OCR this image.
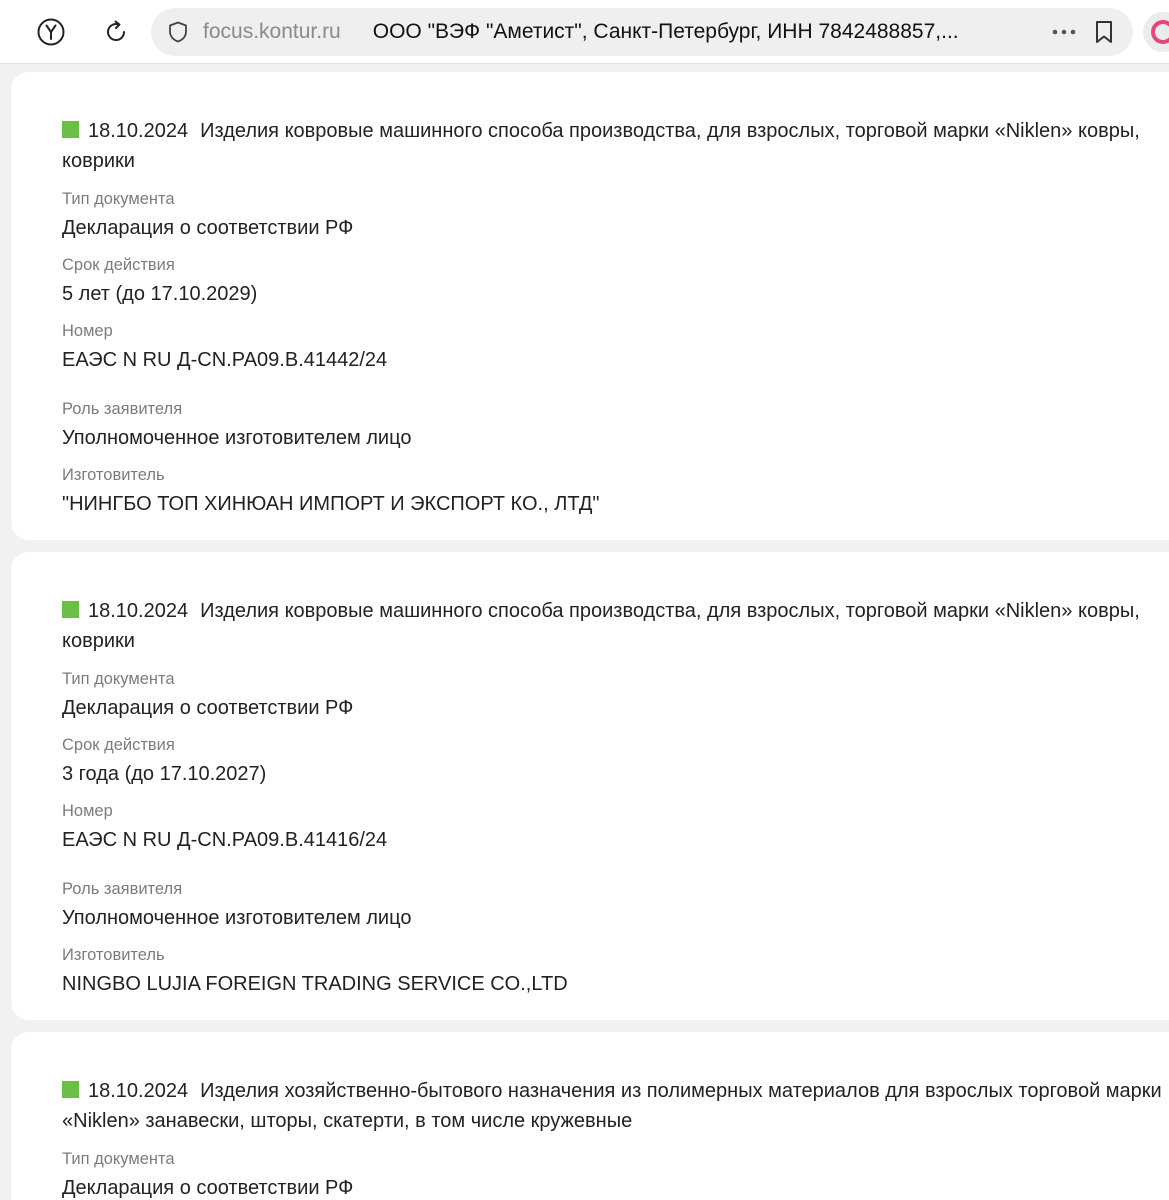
focus.kontur.ru ООО "ВЭФ "Аметист", Санкт-Петербург, ИНН 7842488857,...
18.10.2024 Изделия ковровые машинного способа производства, для взрослых, торговой марки «Niklen» ковры, коврики
Тип документа
Декларация о соответствии РФ
Срок действия
5 лет (до 17.10.2029)
Номер
ЕАЭС N RU Д-CN.РА09.В.41442/24
Роль заявителя
Уполномоченное изготовителем лицо
Изготовитель
"НИНГБО ТОП ХИНЮАН ИМПОРТ И ЭКСПОРТ КО., ЛТД"
18.10.2024 Изделия ковровые машинного способа производства, для взрослых, торговой марки «Niklen» ковры, коврики
Тип документа
Декларация о соответствии РФ
Срок действия
3 года (до 17.10.2027)
Номер
ЕАЭС N RU Д-CN.РА09.В.41416/24
Роль заявителя
Уполномоченное изготовителем лицо
Изготовитель
NINGBO LUJIA FOREIGN TRADING SERVICE CO.,LTD
18.10.2024 Изделия хозяйственно-бытового назначения из полимерных материалов для взрослых торговой марки «Niklen» занавески, шторы, скатерти, в том числе кружевные
Тип документа
Декларация о соответствии РФ
